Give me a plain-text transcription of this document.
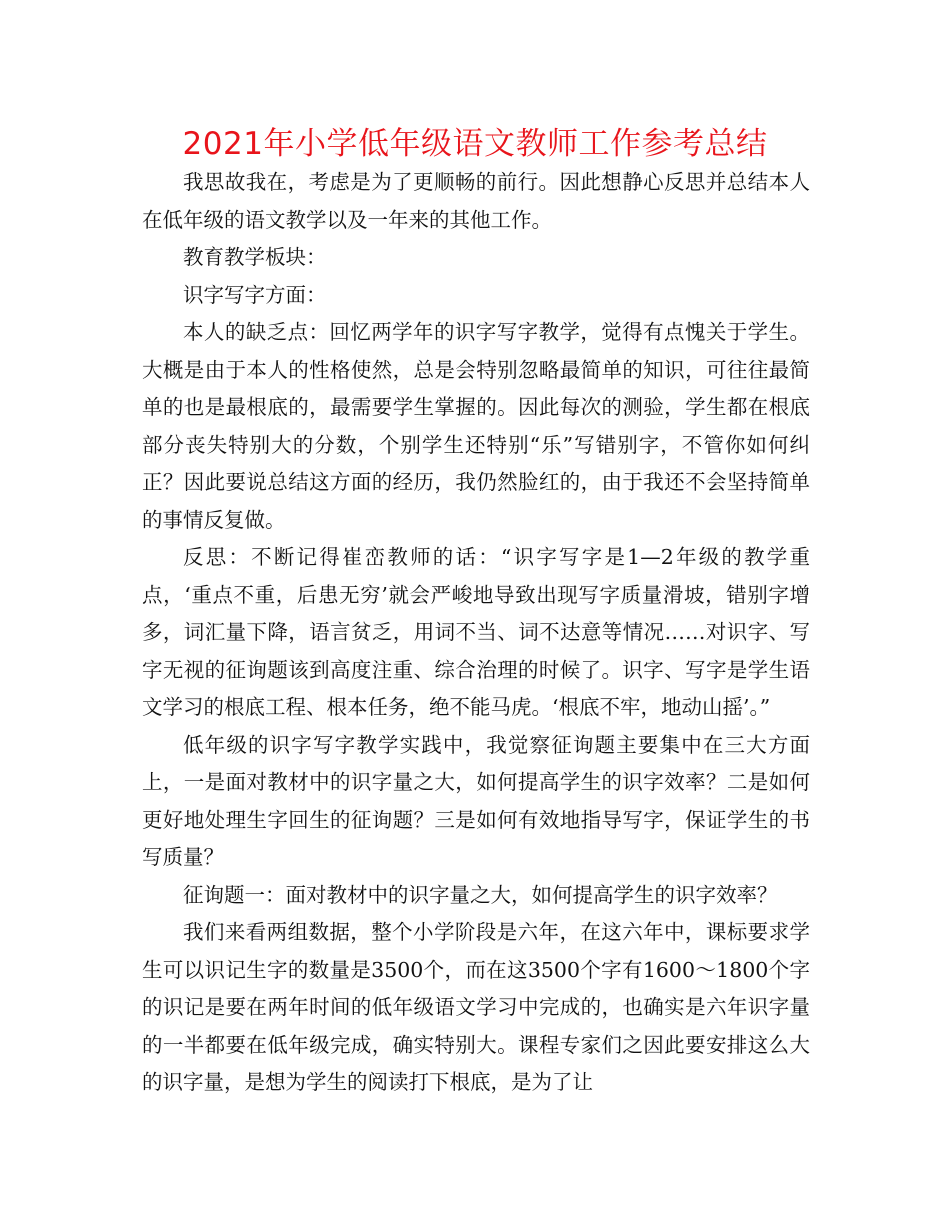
2021年小学低年级语文教师工作参考总结

我思故我在，考虑是为了更顺畅的前行。因此想静心反思并总结本人在低年级的语文教学以及一年来的其他工作。

教育教学板块：

识字写字方面：

本人的缺乏点：回忆两学年的识字写字教学，觉得有点愧关于学生。大概是由于本人的性格使然，总是会特别忽略最简单的知识，可往往最简单的也是最根底的，最需要学生掌握的。因此每次的测验，学生都在根底部分丧失特别大的分数，个别学生还特别“乐”写错别字，不管你如何纠正？因此要说总结这方面的经历，我仍然脸红的，由于我还不会坚持简单的事情反复做。

反思：不断记得崔峦教师的话：“识字写字是1—2年级的教学重点，‘重点不重，后患无穷’就会严峻地导致出现写字质量滑坡，错别字增多，词汇量下降，语言贫乏，用词不当、词不达意等情况……对识字、写字无视的征询题该到高度注重、综合治理的时候了。识字、写字是学生语文学习的根底工程、根本任务，绝不能马虎。‘根底不牢，地动山摇’。”

低年级的识字写字教学实践中，我觉察征询题主要集中在三大方面上，一是面对教材中的识字量之大，如何提高学生的识字效率？二是如何更好地处理生字回生的征询题？三是如何有效地指导写字，保证学生的书写质量？

征询题一：面对教材中的识字量之大，如何提高学生的识字效率？

我们来看两组数据，整个小学阶段是六年，在这六年中，课标要求学生可以识记生字的数量是3500个，而在这3500个字有1600～1800个字的识记是要在两年时间的低年级语文学习中完成的，也确实是六年识字量的一半都要在低年级完成，确实特别大。课程专家们之因此要安排这么大的识字量，是想为学生的阅读打下根底，是为了让
